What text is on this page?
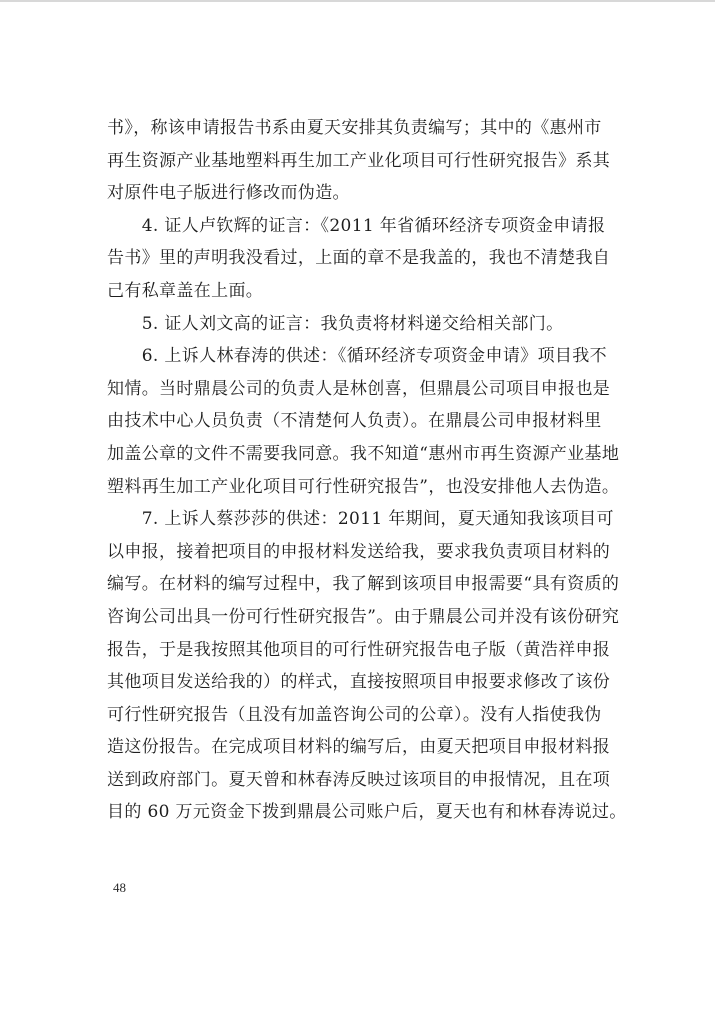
书》，称该申请报告书系由夏天安排其负责编写；其中的《惠州市
再生资源产业基地塑料再生加工产业化项目可行性研究报告》系其
对原件电子版进行修改而伪造。
　　4. 证人卢钦辉的证言：《2011 年省循环经济专项资金申请报
告书》里的声明我没看过，上面的章不是我盖的，我也不清楚我自
己有私章盖在上面。
　　5. 证人刘文高的证言：我负责将材料递交给相关部门。
　　6. 上诉人林春涛的供述：《循环经济专项资金申请》项目我不
知情。当时鼎晨公司的负责人是林创喜，但鼎晨公司项目申报也是
由技术中心人员负责（不清楚何人负责）。在鼎晨公司申报材料里
加盖公章的文件不需要我同意。我不知道“惠州市再生资源产业基地
塑料再生加工产业化项目可行性研究报告”，也没安排他人去伪造。
　　7. 上诉人蔡莎莎的供述：2011 年期间，夏天通知我该项目可
以申报，接着把项目的申报材料发送给我，要求我负责项目材料的
编写。在材料的编写过程中，我了解到该项目申报需要“具有资质的
咨询公司出具一份可行性研究报告”。由于鼎晨公司并没有该份研究
报告，于是我按照其他项目的可行性研究报告电子版（黄浩祥申报
其他项目发送给我的）的样式，直接按照项目申报要求修改了该份
可行性研究报告（且没有加盖咨询公司的公章）。没有人指使我伪
造这份报告。在完成项目材料的编写后，由夏天把项目申报材料报
送到政府部门。夏天曾和林春涛反映过该项目的申报情况，且在项
目的 60 万元资金下拨到鼎晨公司账户后，夏天也有和林春涛说过。
48
